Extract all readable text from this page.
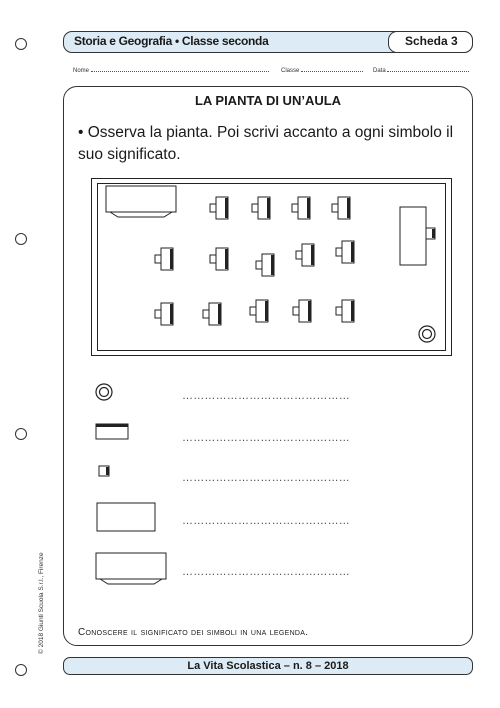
Storia e Geografia • Classe seconda	Scheda 3
Nome	Classe	Data
LA PIANTA DI UN’AULA
• Osserva la pianta. Poi scrivi accanto a ogni simbolo il suo significato.
………………………………………
………………………………………
………………………………………
………………………………………
………………………………………
Conoscere il significato dei simboli in una legenda.
© 2018 Giunti Scuola S.r.l., Firenze
La Vita Scolastica – n. 8 – 2018
